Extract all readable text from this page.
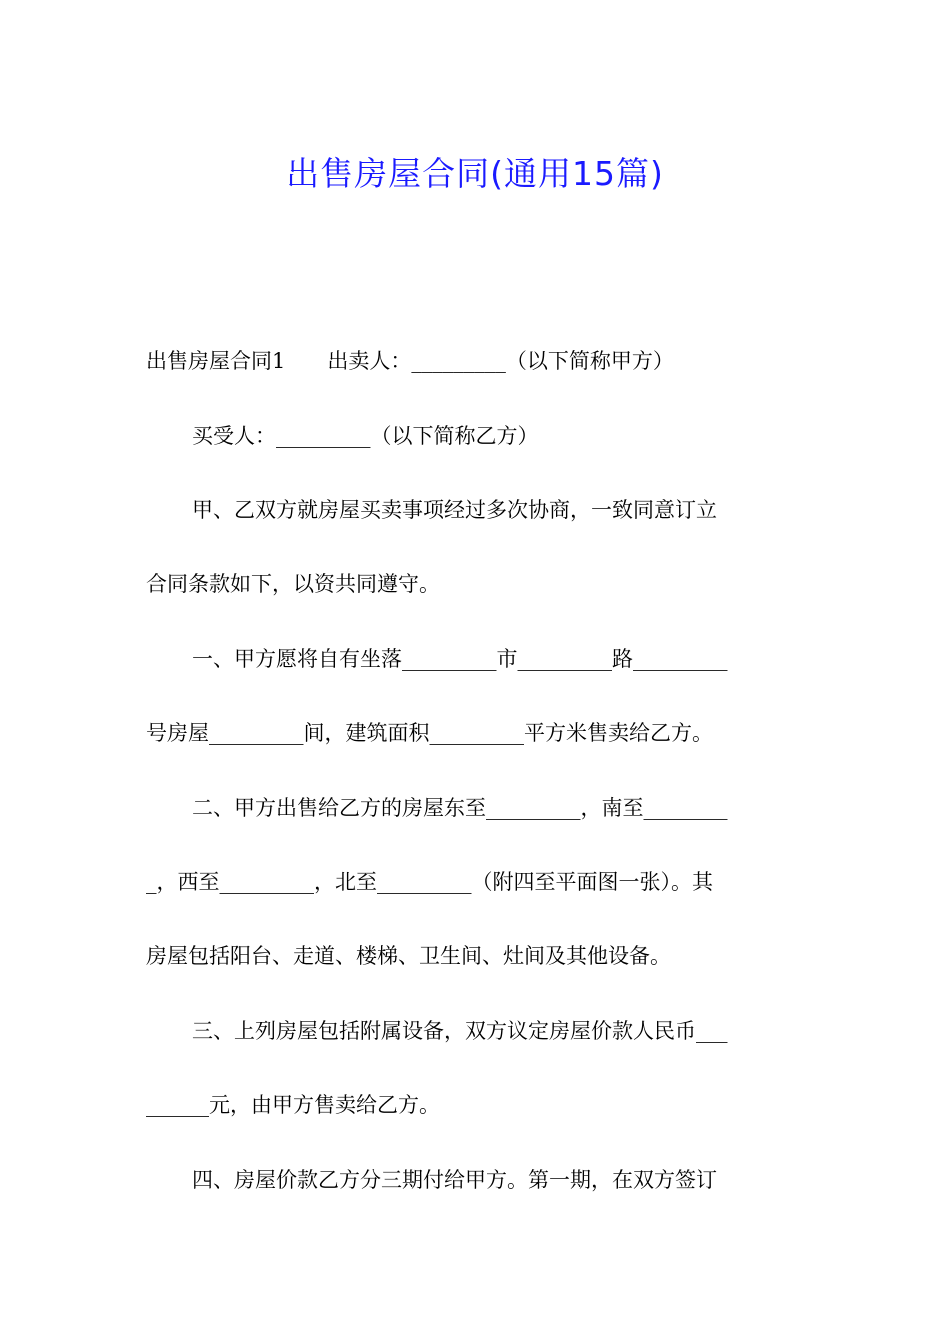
出售房屋合同(通用15篇)
出售房屋合同1　　出卖人：_________（以下简称甲方）
买受人：_________（以下简称乙方）
甲、乙双方就房屋买卖事项经过多次协商，一致同意订立
合同条款如下，以资共同遵守。
一、甲方愿将自有坐落_________市_________路_________
号房屋_________间，建筑面积_________平方米售卖给乙方。
二、甲方出售给乙方的房屋东至_________，南至________
_，西至_________，北至_________（附四至平面图一张）。其
房屋包括阳台、走道、楼梯、卫生间、灶间及其他设备。
三、上列房屋包括附属设备，双方议定房屋价款人民币___
______元，由甲方售卖给乙方。
四、房屋价款乙方分三期付给甲方。第一期，在双方签订
